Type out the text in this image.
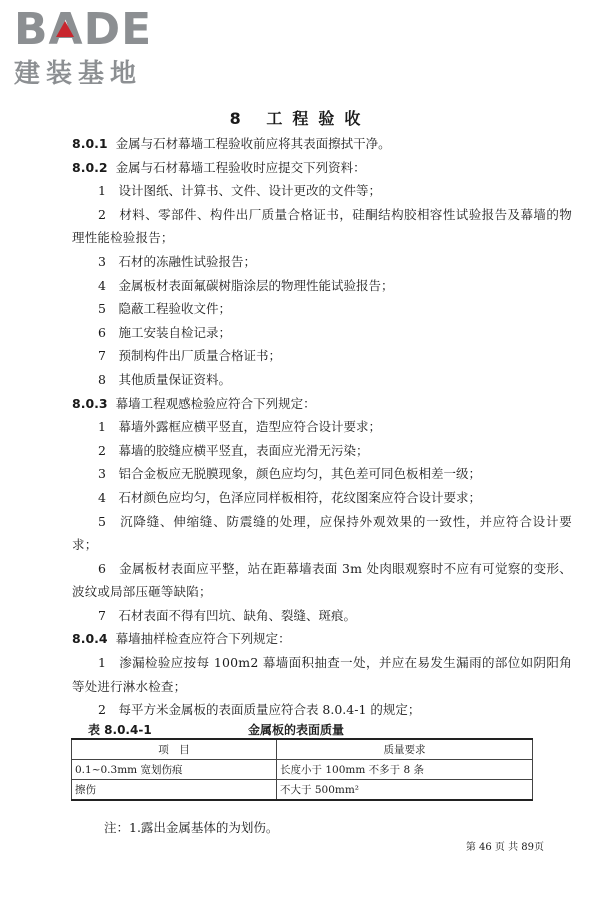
BA
DE
建装基地
8 工程验收
8.0.1 金属与石材幕墙工程验收前应将其表面擦拭干净。
8.0.2 金属与石材幕墙工程验收时应提交下列资料：
1　设计图纸、计算书、文件、设计更改的文件等；
2　材料、零部件、构件出厂质量合格证书，硅酮结构胶相容性试验报告及幕墙的物理性能检验报告；
3　石材的冻融性试验报告；
4　金属板材表面氟碳树脂涂层的物理性能试验报告；
5　隐蔽工程验收文件；
6　施工安装自检记录；
7　预制构件出厂质量合格证书；
8　其他质量保证资料。
8.0.3 幕墙工程观感检验应符合下列规定：
1　幕墙外露框应横平竖直，造型应符合设计要求；
2　幕墙的胶缝应横平竖直，表面应光滑无污染；
3　铝合金板应无脱膜现象，颜色应均匀，其色差可同色板相差一级；
4　石材颜色应均匀，色泽应同样板相符，花纹图案应符合设计要求；
5　沉降缝、伸缩缝、防震缝的处理，应保持外观效果的一致性，并应符合设计要求；
6　金属板材表面应平整，站在距幕墙表面 3m 处肉眼观察时不应有可觉察的变形、波纹或局部压砸等缺陷；
7　石材表面不得有凹坑、缺角、裂缝、斑痕。
8.0.4 幕墙抽样检查应符合下列规定：
1　渗漏检验应按每 100m2 幕墙面积抽查一处，并应在易发生漏雨的部位如阴阳角等处进行淋水检查；
2　每平方米金属板的表面质量应符合表 8.0.4-1 的规定；
表 8.0.4-1	金属板的表面质量
项　目	质量要求
0.1~0.3mm 宽划伤痕	长度小于 100mm 不多于 8 条
擦伤	不大于 500mm²
注：1.露出金属基体的为划伤。
第 46 页 共 89页
